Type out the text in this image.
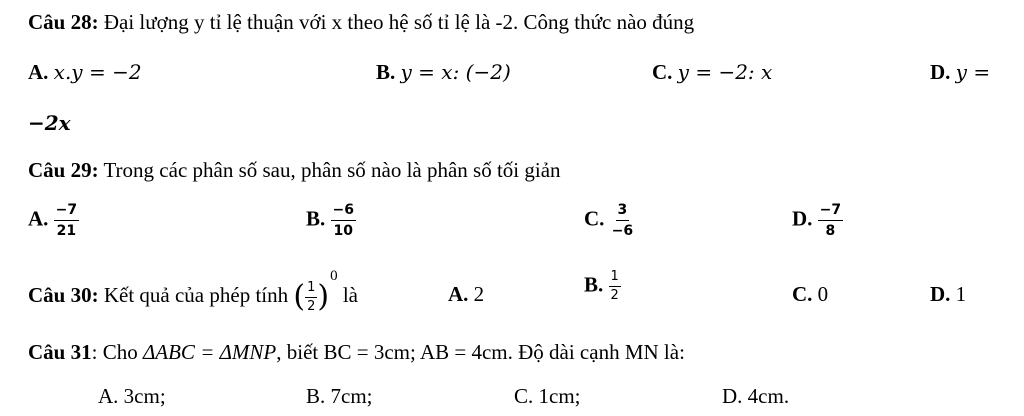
Câu 28: Đại lượng y tỉ lệ thuận với x theo hệ số tỉ lệ là -2. Công thức nào đúng
A. x.y = −2	B. y = x: (−2)	C. y = −2: x	D. y =
−2x
Câu 29: Trong các phân số sau, phân số nào là phân số tối giản
A. $\frac{-7}{21}$	B. $\frac{-6}{10}$	C. $\frac{3}{-6}$	D. $\frac{-7}{8}$
Câu 30: Kết quả của phép tính ( $\frac{1}{2} )^0$ là	A. 2	B. $\frac{1}{2}$	C. 0	D. 1
Câu 31: Cho ΔABC = ΔMNP, biết BC = 3cm; AB = 4cm. Độ dài cạnh MN là:
A. 3cm;	B. 7cm;	C. 1cm;	D. 4cm.
